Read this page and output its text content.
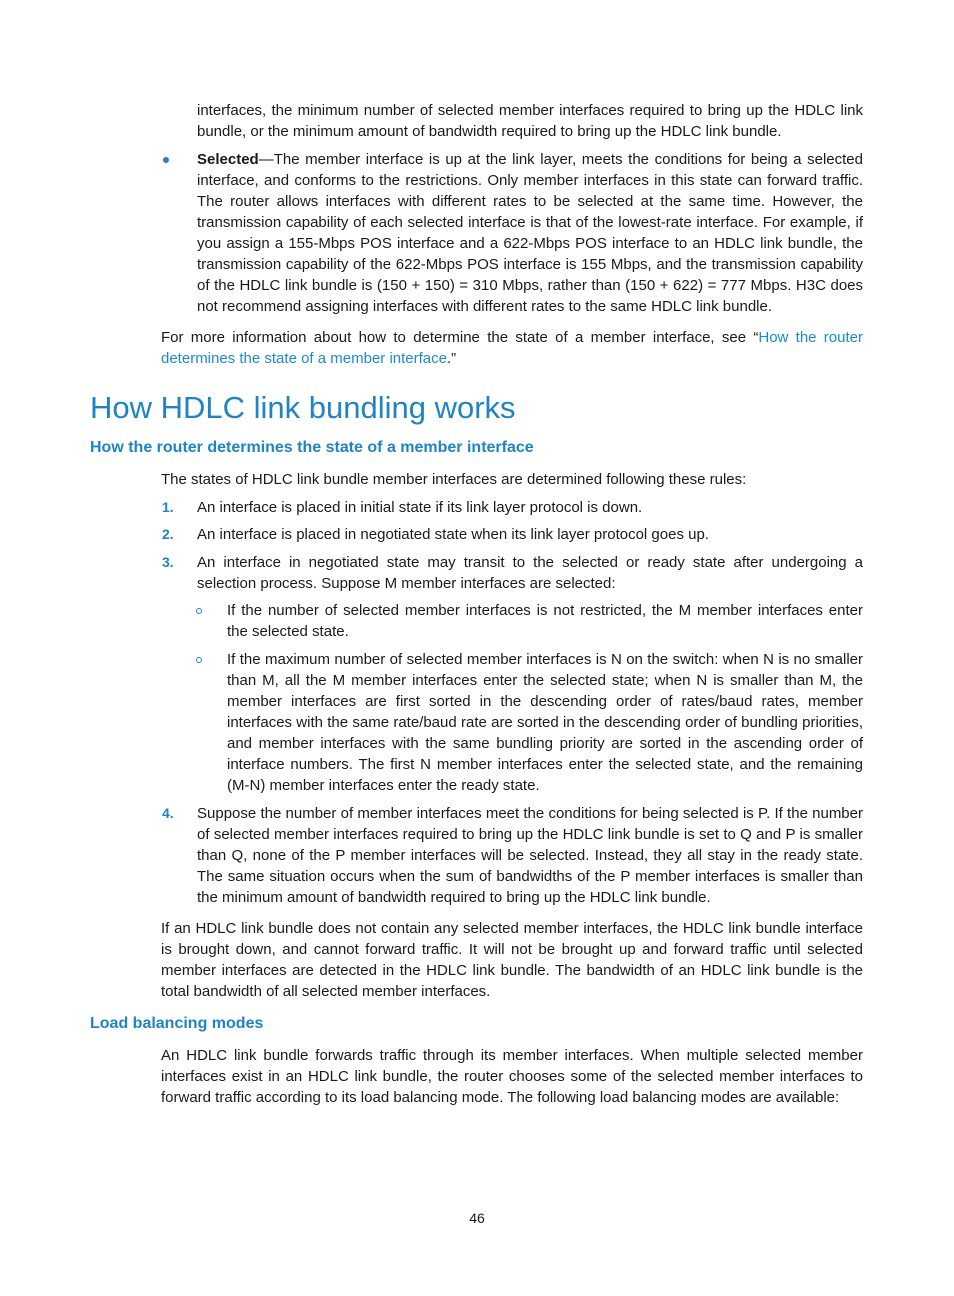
interfaces, the minimum number of selected member interfaces required to bring up the HDLC link bundle, or the minimum amount of bandwidth required to bring up the HDLC link bundle.

Selected—The member interface is up at the link layer, meets the conditions for being a selected interface, and conforms to the restrictions. Only member interfaces in this state can forward traffic. The router allows interfaces with different rates to be selected at the same time. However, the transmission capability of each selected interface is that of the lowest-rate interface. For example, if you assign a 155-Mbps POS interface and a 622-Mbps POS interface to an HDLC link bundle, the transmission capability of the 622-Mbps POS interface is 155 Mbps, and the transmission capability of the HDLC link bundle is (150 + 150) = 310 Mbps, rather than (150 + 622) = 777 Mbps. H3C does not recommend assigning interfaces with different rates to the same HDLC link bundle.

For more information about how to determine the state of a member interface, see “How the router determines the state of a member interface.”

How HDLC link bundling works
How the router determines the state of a member interface

The states of HDLC link bundle member interfaces are determined following these rules:

1. An interface is placed in initial state if its link layer protocol is down.

2. An interface is placed in negotiated state when its link layer protocol goes up.

3. An interface in negotiated state may transit to the selected or ready state after undergoing a selection process. Suppose M member interfaces are selected:

If the number of selected member interfaces is not restricted, the M member interfaces enter the selected state.

If the maximum number of selected member interfaces is N on the switch: when N is no smaller than M, all the M member interfaces enter the selected state; when N is smaller than M, the member interfaces are first sorted in the descending order of rates/baud rates, member interfaces with the same rate/baud rate are sorted in the descending order of bundling priorities, and member interfaces with the same bundling priority are sorted in the ascending order of interface numbers. The first N member interfaces enter the selected state, and the remaining (M-N) member interfaces enter the ready state.

4. Suppose the number of member interfaces meet the conditions for being selected is P. If the number of selected member interfaces required to bring up the HDLC link bundle is set to Q and P is smaller than Q, none of the P member interfaces will be selected. Instead, they all stay in the ready state. The same situation occurs when the sum of bandwidths of the P member interfaces is smaller than the minimum amount of bandwidth required to bring up the HDLC link bundle.

If an HDLC link bundle does not contain any selected member interfaces, the HDLC link bundle interface is brought down, and cannot forward traffic. It will not be brought up and forward traffic until selected member interfaces are detected in the HDLC link bundle. The bandwidth of an HDLC link bundle is the total bandwidth of all selected member interfaces.

Load balancing modes

An HDLC link bundle forwards traffic through its member interfaces. When multiple selected member interfaces exist in an HDLC link bundle, the router chooses some of the selected member interfaces to forward traffic according to its load balancing mode. The following load balancing modes are available:

46
